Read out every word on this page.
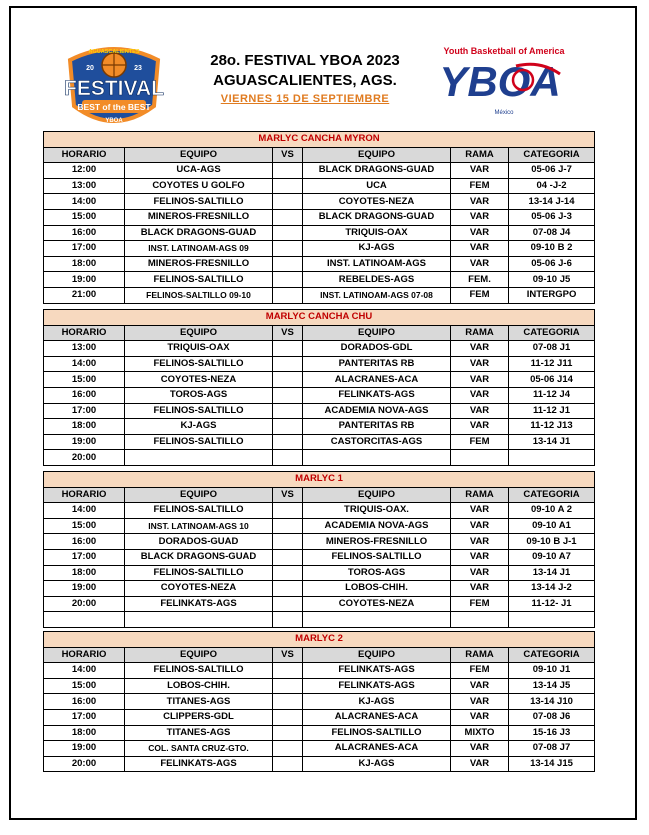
AGUASCALIENTES
20	23
FESTIVAL
BEST of the BEST
YBOA
28o. FESTIVAL YBOA 2023
AGUASCALIENTES, AGS.
VIERNES 15 DE SEPTIEMBRE
Youth Basketball of America
YBOA
México
MARLYC CANCHA MYRON					
HORARIO	EQUIPO	VS	EQUIPO	RAMA	CATEGORIA
12:00	UCA-AGS		BLACK DRAGONS-GUAD	VAR	05-06 J-7
13:00	COYOTES U GOLFO		UCA	FEM	04 -J-2
14:00	FELINOS-SALTILLO		COYOTES-NEZA	VAR	13-14 J-14
15:00	MINEROS-FRESNILLO		BLACK DRAGONS-GUAD	VAR	05-06 J-3
16:00	BLACK DRAGONS-GUAD		TRIQUIS-OAX	VAR	07-08 J4
17:00	INST. LATINOAM-AGS 09		KJ-AGS	VAR	09-10 B 2
18:00	MINEROS-FRESNILLO		INST. LATINOAM-AGS	VAR	05-06 J-6
19:00	FELINOS-SALTILLO		REBELDES-AGS	FEM.	09-10 J5
21:00	FELINOS-SALTILLO 09-10		INST. LATINOAM-AGS 07-08	FEM	INTERGPO
MARLYC CANCHA CHU					
HORARIO	EQUIPO	VS	EQUIPO	RAMA	CATEGORIA
13:00	TRIQUIS-OAX		DORADOS-GDL	VAR	07-08 J1
14:00	FELINOS-SALTILLO		PANTERITAS RB	VAR	11-12 J11
15:00	COYOTES-NEZA		ALACRANES-ACA	VAR	05-06 J14
16:00	TOROS-AGS		FELINKATS-AGS	VAR	11-12 J4
17:00	FELINOS-SALTILLO		ACADEMIA NOVA-AGS	VAR	11-12 J1
18:00	KJ-AGS		PANTERITAS RB	VAR	11-12 J13
19:00	FELINOS-SALTILLO		CASTORCITAS-AGS	FEM	13-14 J1
20:00					
MARLYC 1					
HORARIO	EQUIPO	VS	EQUIPO	RAMA	CATEGORIA
14:00	FELINOS-SALTILLO		TRIQUIS-OAX.	VAR	09-10 A 2
15:00	INST. LATINOAM-AGS 10		ACADEMIA NOVA-AGS	VAR	09-10 A1
16:00	DORADOS-GUAD		MINEROS-FRESNILLO	VAR	09-10 B J-1
17:00	BLACK DRAGONS-GUAD		FELINOS-SALTILLO	VAR	09-10 A7
18:00	FELINOS-SALTILLO		TOROS-AGS	VAR	13-14 J1
19:00	COYOTES-NEZA		LOBOS-CHIH.	VAR	13-14 J-2
20:00	FELINKATS-AGS		COYOTES-NEZA	FEM	11-12- J1

MARLYC 2					
HORARIO	EQUIPO	VS	EQUIPO	RAMA	CATEGORIA
14:00	FELINOS-SALTILLO		FELINKATS-AGS	FEM	09-10 J1
15:00	LOBOS-CHIH.		FELINKATS-AGS	VAR	13-14 J5
16:00	TITANES-AGS		KJ-AGS	VAR	13-14 J10
17:00	CLIPPERS-GDL		ALACRANES-ACA	VAR	07-08 J6
18:00	TITANES-AGS		FELINOS-SALTILLO	MIXTO	15-16 J3
19:00	COL. SANTA CRUZ-GTO.		ALACRANES-ACA	VAR	07-08 J7
20:00	FELINKATS-AGS		KJ-AGS	VAR	13-14 J15
